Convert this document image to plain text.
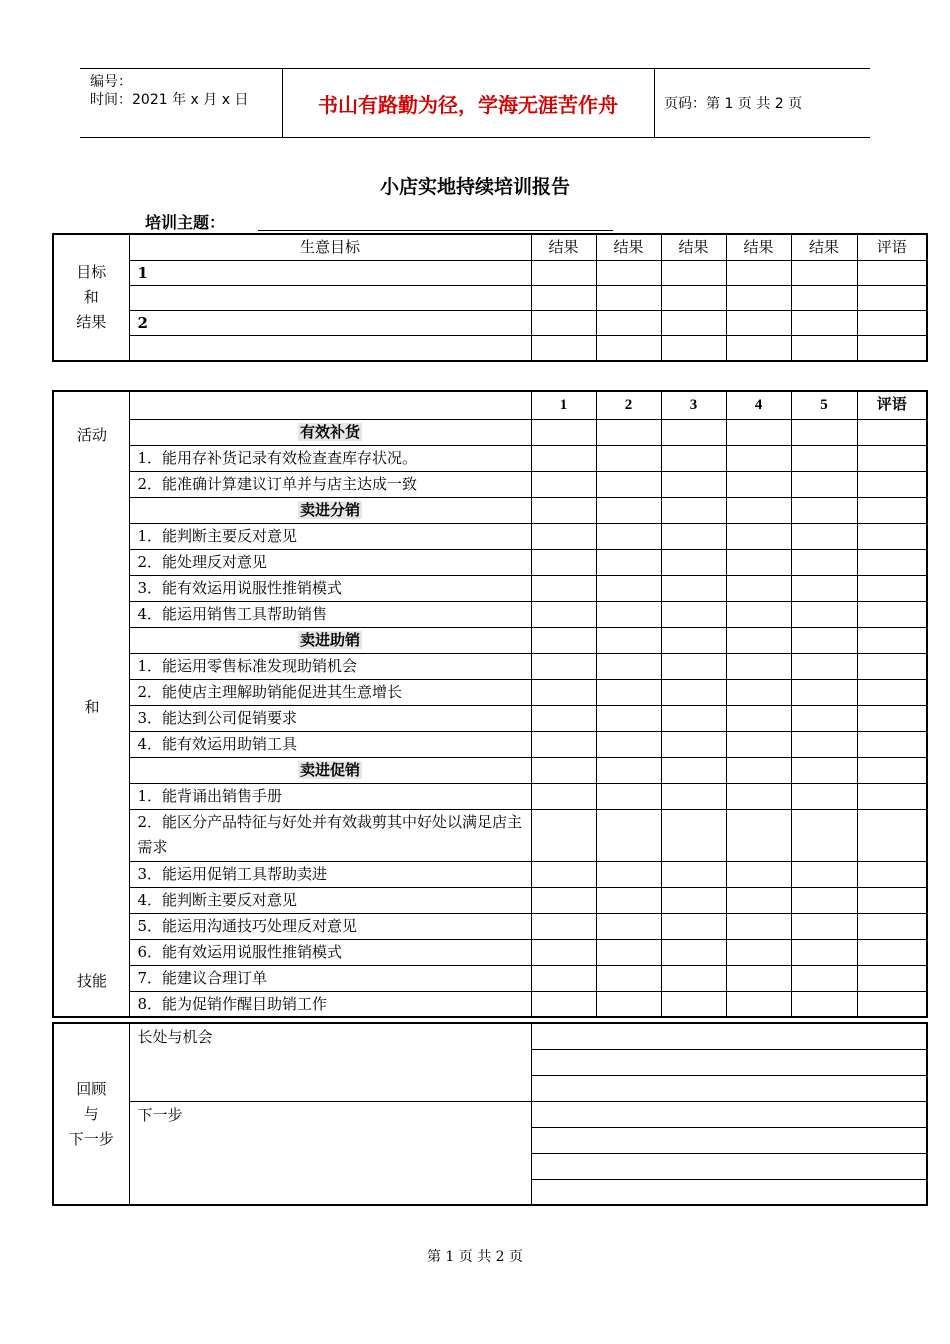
编号：
时间：2021 年 x 月 x 日	书山有路勤为径，学海无涯苦作舟	页码：第 1 页 共 2 页
小店实地持续培训报告
培训主题：
目标
和
结果	生意目标	结果	结果	结果	结果	结果	评语
	1						

	2						

活动
和
技能		1	2	3	4	5	评语
	有效补货						
	1．能用存补货记录有效检查查库存状况。						
	2．能准确计算建议订单并与店主达成一致						
	卖进分销						
	1．能判断主要反对意见						
	2．能处理反对意见						
	3．能有效运用说服性推销模式						
	4．能运用销售工具帮助销售						
	卖进助销						
	1．能运用零售标准发现助销机会						
	2．能使店主理解助销能促进其生意增长						
	3．能达到公司促销要求						
	4．能有效运用助销工具						
	卖进促销						
	1．能背诵出销售手册						
	2．能区分产品特征与好处并有效裁剪其中好处以满足店主需求						
	3．能运用促销工具帮助卖进						
	4．能判断主要反对意见						
	5．能运用沟通技巧处理反对意见						
	6．能有效运用说服性推销模式						
	7．能建议合理订单						
	8．能为促销作醒目助销工作						
回顾
与
下一步	长处与机会	

	下一步	

第 1 页 共 2 页
